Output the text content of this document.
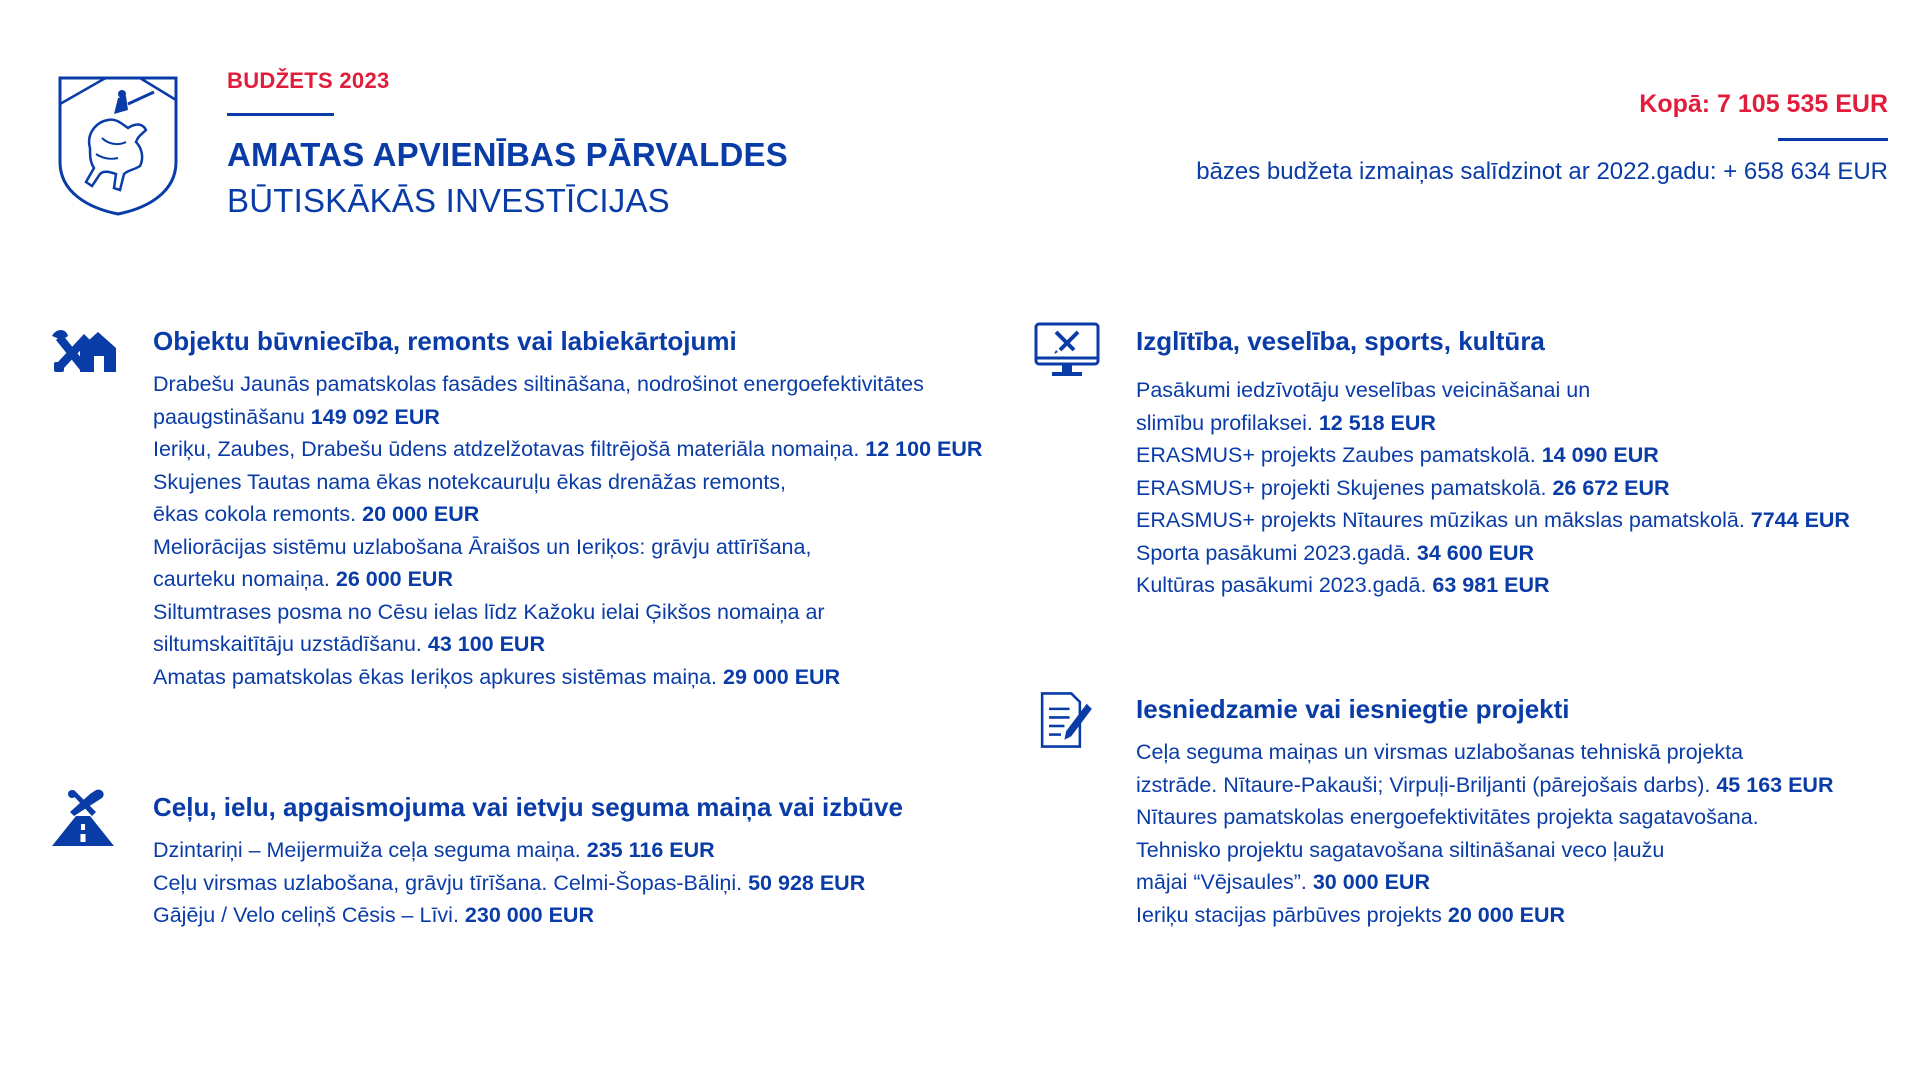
BUDŽETS 2023
AMATAS APVIENĪBAS PĀRVALDES
BŪTISKĀKĀS INVESTĪCIJAS
Kopā: 7 105 535 EUR
bāzes budžeta izmaiņas salīdzinot ar 2022.gadu: + 658 634 EUR
Objektu būvniecība, remonts vai labiekārtojumi
Drabešu Jaunās pamatskolas fasādes siltināšana, nodrošinot energoefektivitātes
paaugstināšanu 149 092 EUR
Ieriķu, Zaubes, Drabešu ūdens atdzelžotavas filtrējošā materiāla nomaiņa. 12 100 EUR
Skujenes Tautas nama ēkas notekcauruļu ēkas drenāžas remonts,
ēkas cokola remonts. 20 000 EUR
Meliorācijas sistēmu uzlabošana Āraišos un Ieriķos: grāvju attīrīšana,
caurteku nomaiņa. 26 000 EUR
Siltumtrases posma no Cēsu ielas līdz Kažoku ielai Ģikšos nomaiņa ar
siltumskaitītāju uzstādīšanu. 43 100 EUR
Amatas pamatskolas ēkas Ieriķos apkures sistēmas maiņa. 29 000 EUR
Ceļu, ielu, apgaismojuma vai ietvju seguma maiņa vai izbūve
Dzintariņi – Meijermuiža ceļa seguma maiņa. 235 116 EUR
Ceļu virsmas uzlabošana, grāvju tīrīšana. Celmi-Šopas-Bāliņi. 50 928 EUR
Gājēju / Velo celiņš Cēsis – Līvi. 230 000 EUR
Izglītība, veselība, sports, kultūra
Pasākumi iedzīvotāju veselības veicināšanai un
slimību profilaksei. 12 518 EUR
ERASMUS+ projekts Zaubes pamatskolā. 14 090 EUR
ERASMUS+ projekti Skujenes pamatskolā. 26 672 EUR
ERASMUS+ projekts Nītaures mūzikas un mākslas pamatskolā. 7744 EUR
Sporta pasākumi 2023.gadā. 34 600 EUR
Kultūras pasākumi 2023.gadā. 63 981 EUR
Iesniedzamie vai iesniegtie projekti
Ceļa seguma maiņas un virsmas uzlabošanas tehniskā projekta
izstrāde. Nītaure-Pakauši; Virpuļi-Briljanti (pārejošais darbs). 45 163 EUR
Nītaures pamatskolas energoefektivitātes projekta sagatavošana.
Tehnisko projektu sagatavošana siltināšanai veco ļaužu
mājai “Vējsaules”. 30 000 EUR
Ieriķu stacijas pārbūves projekts 20 000 EUR
